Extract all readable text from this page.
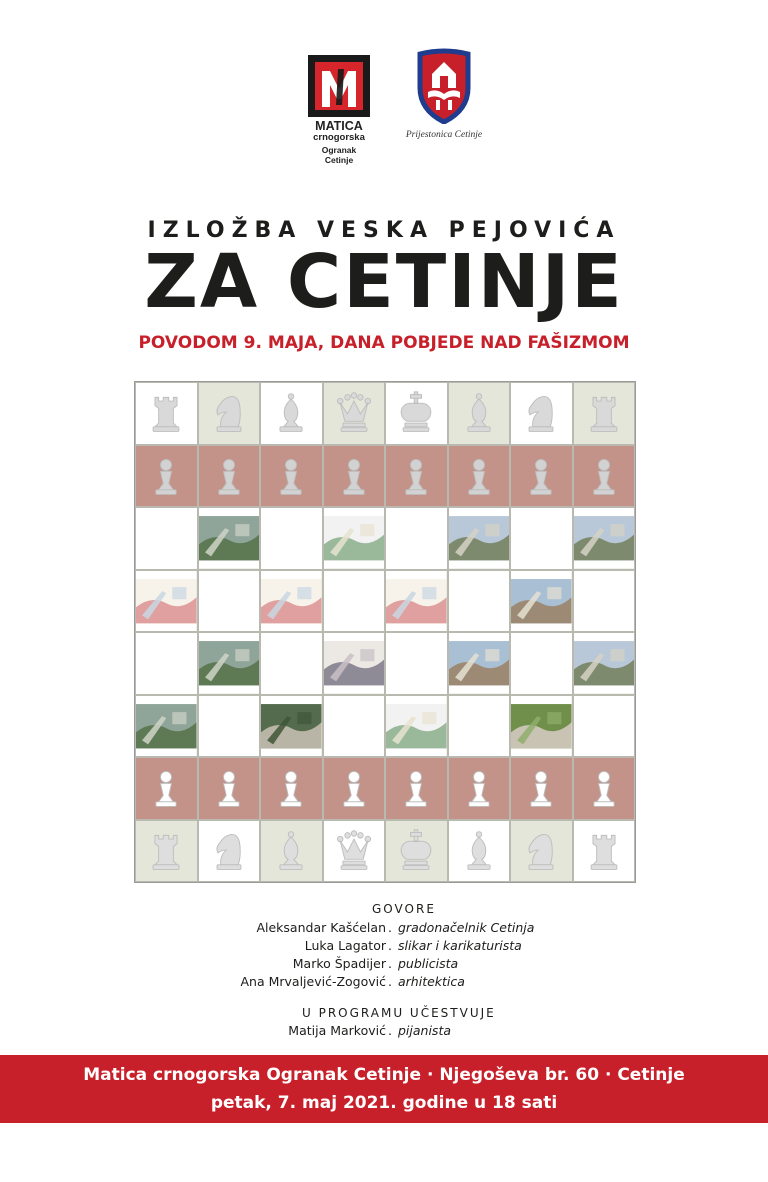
MATICA
crnogorska
Ogranak
Cetinje
Prijestonica Cetinje
IZLOŽBA VESKA PEJOVIĆA
ZA CETINJE
POVODOM 9. MAJA, DANA POBJEDE NAD FAŠIZMOM
GOVORE
Aleksandar Kašćelan . gradonačelnik Cetinja
Luka Lagator . slikar i karikaturista
Marko Špadijer . publicista
Ana Mrvaljević-Zogović . arhitektica
U PROGRAMU UČESTVUJE
Matija Marković . pijanista
Matica crnogorska Ogranak Cetinje · Njegoševa br. 60 · Cetinje
petak, 7. maj 2021. godine u 18 sati
